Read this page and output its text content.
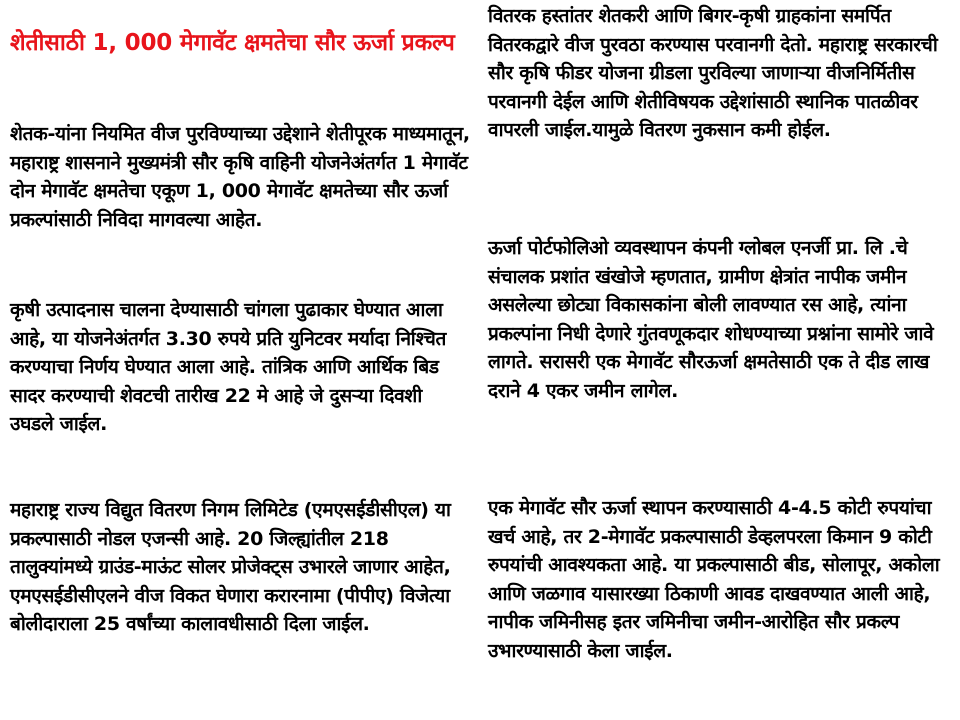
शेतीसाठी 1, 000 मेगावॅट क्षमतेचा सौर ऊर्जा प्रकल्प

शेतक-यांना नियमित वीज पुरविण्याच्या उद्देशाने शेतीपूरक माध्यमातून, महाराष्ट्र शासनाने मुख्यमंत्री सौर कृषि वाहिनी योजनेअंतर्गत 1 मेगावॅट दोन मेगावॅट क्षमतेचा एकूण 1, 000 मेगावॅट क्षमतेच्या सौर ऊर्जा प्रकल्पांसाठी निविदा मागवल्या आहेत.

कृषी उत्पादनास चालना देण्यासाठी चांगला पुढाकार घेण्यात आला आहे, या योजनेअंतर्गत 3.30 रुपये प्रति युनिटवर मर्यादा निश्चित करण्याचा निर्णय घेण्यात आला आहे. तांत्रिक आणि आर्थिक बिड सादर करण्याची शेवटची तारीख 22 मे आहे जे दुसऱ्या दिवशी उघडले जाईल.

महाराष्ट्र राज्य विद्युत वितरण निगम लिमिटेड (एमएसईडीसीएल) या प्रकल्पासाठी नोडल एजन्सी आहे. 20 जिल्ह्यांतील 218 तालुक्यांमध्ये ग्राउंड-माऊंट सोलर प्रोजेक्ट्स उभारले जाणार आहेत, एमएसईडीसीएलने वीज विकत घेणारा करारनामा (पीपीए) विजेत्या बोलीदाराला 25 वर्षांच्या कालावधीसाठी दिला जाईल.

वितरक हस्तांतर शेतकरी आणि बिगर-कृषी ग्राहकांना समर्पित वितरकद्वारे वीज पुरवठा करण्यास परवानगी देतो. महाराष्ट्र सरकारची सौर कृषि फीडर योजना ग्रीडला पुरविल्या जाणाऱ्या वीजनिर्मितीस परवानगी देईल आणि शेतीविषयक उद्देशांसाठी स्थानिक पातळीवर वापरली जाईल.यामुळे वितरण नुकसान कमी होईल.

ऊर्जा पोर्टफोलिओ व्यवस्थापन कंपनी ग्लोबल एनर्जी प्रा. लि .चे संचालक प्रशांत खंखोजे म्हणतात, ग्रामीण क्षेत्रांत नापीक जमीन असलेल्या छोट्या विकासकांना बोली लावण्यात रस आहे, त्यांना प्रकल्पांना निधी देणारे गुंतवणूकदार शोधण्याच्या प्रश्नांना सामोरे जावे लागते. सरासरी एक मेगावॅट सौरऊर्जा क्षमतेसाठी एक ते दीड लाख दराने 4 एकर जमीन लागेल.

एक मेगावॅट सौर ऊर्जा स्थापन करण्यासाठी 4-4.5 कोटी रुपयांचा खर्च आहे, तर 2-मेगावॅट प्रकल्पासाठी डेव्हलपरला किमान 9 कोटी रुपयांची आवश्यकता आहे. या प्रकल्पासाठी बीड, सोलापूर, अकोला आणि जळगाव यासारख्या ठिकाणी आवड दाखवण्यात आली आहे, नापीक जमिनीसह इतर जमिनीचा जमीन-आरोहित सौर प्रकल्प उभारण्यासाठी केला जाईल.
